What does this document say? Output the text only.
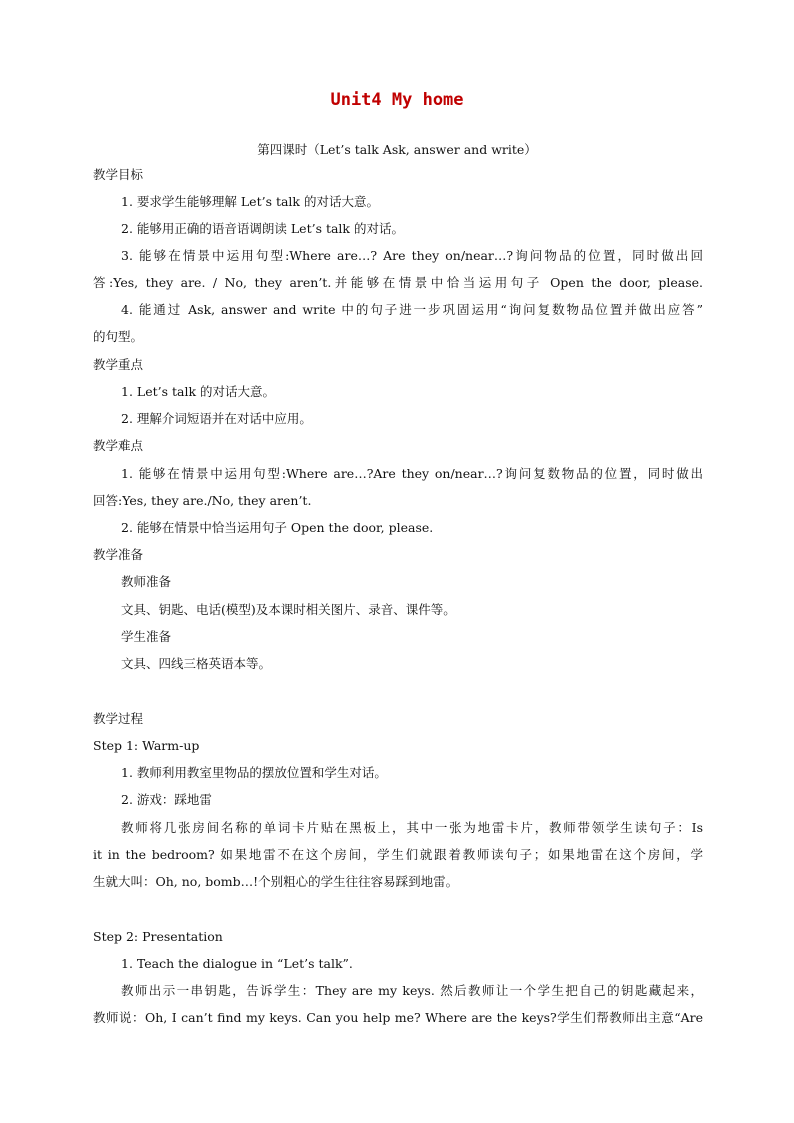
Unit4 My home
第四课时（Let’s talk Ask, answer and write）
教学目标
1. 要求学生能够理解 Let’s talk 的对话大意。
2. 能够用正确的语音语调朗读 Let’s talk 的对话。
3. 能够在情景中运用句型:Where are…? Are they on/near…?询问物品的位置，同时做出回
答:Yes, they are. / No, they aren’t.并能够在情景中恰当运用句子 Open the door, please.
4. 能通过 Ask, answer and write 中的句子进一步巩固运用“询问复数物品位置并做出应答”
的句型。
教学重点
1. Let’s talk 的对话大意。
2. 理解介词短语并在对话中应用。
教学难点
1. 能够在情景中运用句型:Where are…?Are they on/near…?询问复数物品的位置，同时做出
回答:Yes, they are./No, they aren’t.
2. 能够在情景中恰当运用句子 Open the door, please.
教学准备
教师准备
文具、钥匙、电话(模型)及本课时相关图片、录音、课件等。
学生准备
文具、四线三格英语本等。
教学过程
Step 1: Warm-up
1. 教师利用教室里物品的摆放位置和学生对话。
2. 游戏：踩地雷
教师将几张房间名称的单词卡片贴在黑板上，其中一张为地雷卡片，教师带领学生读句子：Is
it in the bedroom? 如果地雷不在这个房间，学生们就跟着教师读句子；如果地雷在这个房间，学
生就大叫：Oh, no, bomb…!个别粗心的学生往往容易踩到地雷。
Step 2: Presentation
1. Teach the dialogue in “Let’s talk”.
教师出示一串钥匙，告诉学生：They are my keys. 然后教师让一个学生把自己的钥匙藏起来，
教师说：Oh, I can’t find my keys. Can you help me? Where are the keys?学生们帮教师出主意“Are
